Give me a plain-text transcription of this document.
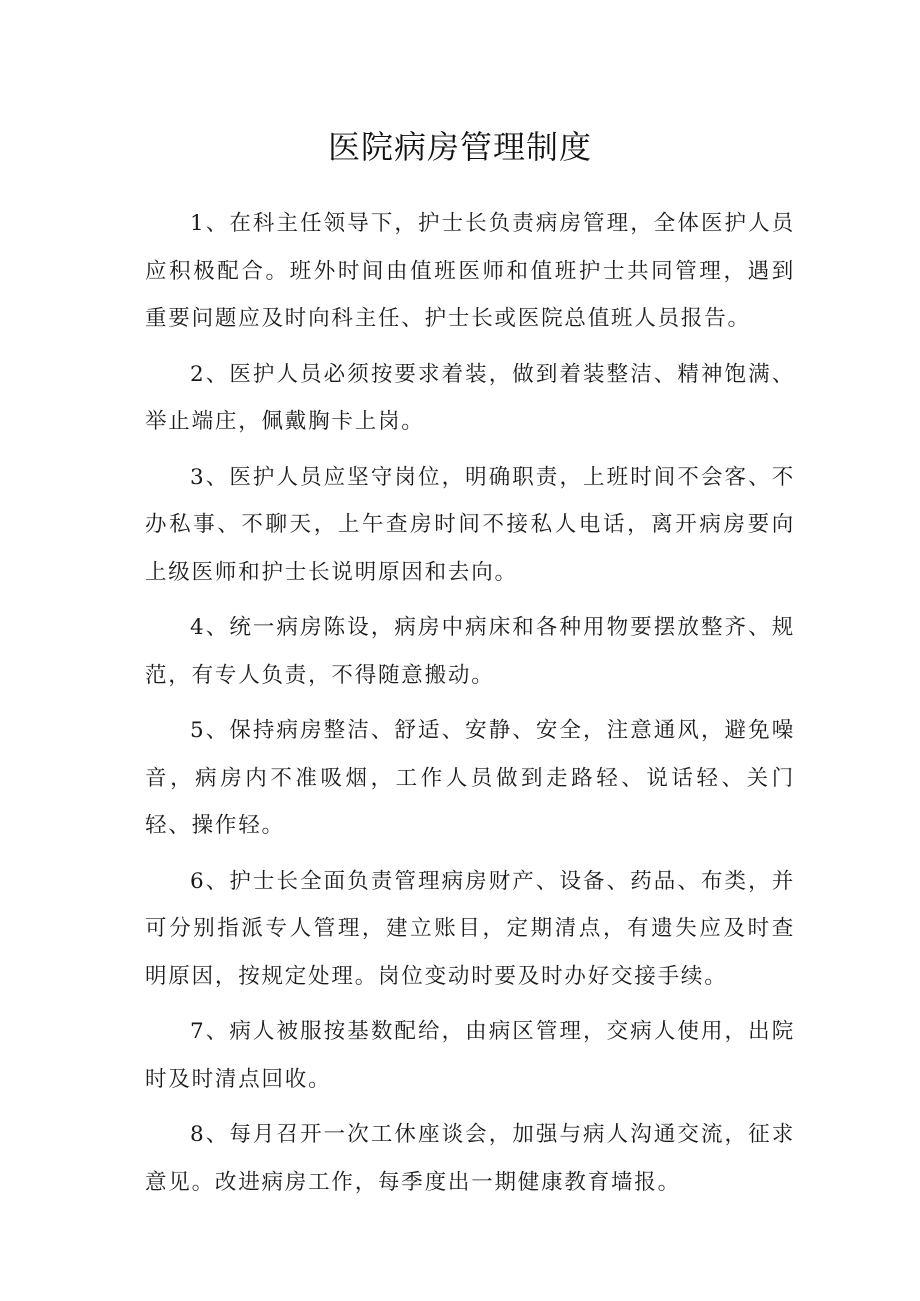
医院病房管理制度

1、在科主任领导下，护士长负责病房管理，全体医护人员应积极配合。班外时间由值班医师和值班护士共同管理，遇到重要问题应及时向科主任、护士长或医院总值班人员报告。

2、医护人员必须按要求着装，做到着装整洁、精神饱满、举止端庄，佩戴胸卡上岗。

3、医护人员应坚守岗位，明确职责，上班时间不会客、不办私事、不聊天，上午查房时间不接私人电话，离开病房要向上级医师和护士长说明原因和去向。

4、统一病房陈设，病房中病床和各种用物要摆放整齐、规范，有专人负责，不得随意搬动。

5、保持病房整洁、舒适、安静、安全，注意通风，避免噪音，病房内不准吸烟，工作人员做到走路轻、说话轻、关门轻、操作轻。

6、护士长全面负责管理病房财产、设备、药品、布类，并可分别指派专人管理，建立账目，定期清点，有遗失应及时查明原因，按规定处理。岗位变动时要及时办好交接手续。

7、病人被服按基数配给，由病区管理，交病人使用，出院时及时清点回收。

8、每月召开一次工休座谈会，加强与病人沟通交流，征求意见。改进病房工作，每季度出一期健康教育墙报。
